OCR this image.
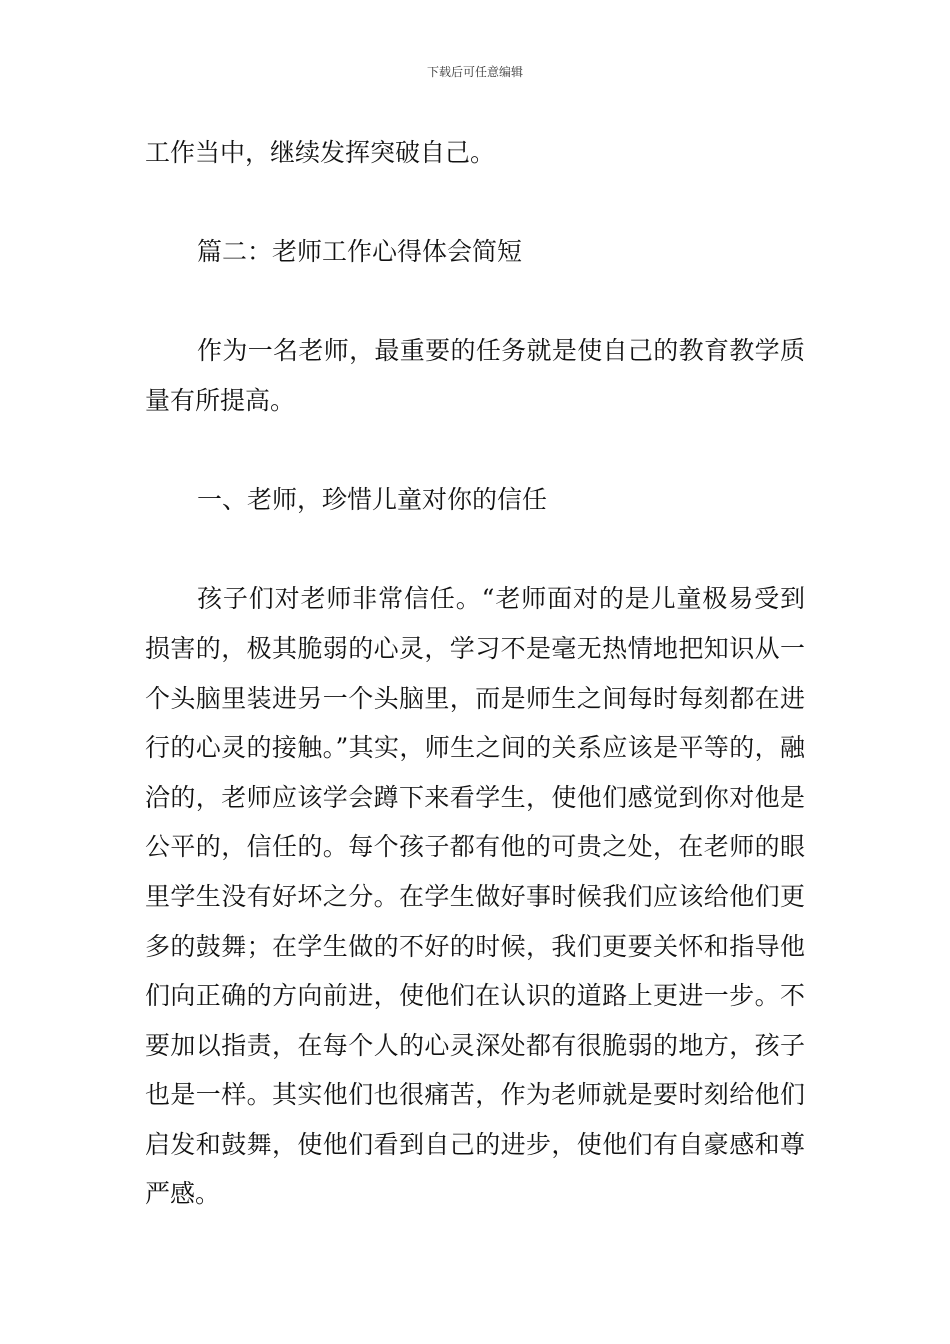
下载后可任意编辑

工作当中，继续发挥突破自己。

篇二：老师工作心得体会简短

作为一名老师，最重要的任务就是使自己的教育教学质量有所提高。

一、老师，珍惜儿童对你的信任

孩子们对老师非常信任。“老师面对的是儿童极易受到损害的，极其脆弱的心灵，学习不是毫无热情地把知识从一个头脑里装进另一个头脑里，而是师生之间每时每刻都在进行的心灵的接触。”其实，师生之间的关系应该是平等的，融洽的，老师应该学会蹲下来看学生，使他们感觉到你对他是公平的，信任的。每个孩子都有他的可贵之处，在老师的眼里学生没有好坏之分。在学生做好事时候我们应该给他们更多的鼓舞；在学生做的不好的时候，我们更要关怀和指导他们向正确的方向前进，使他们在认识的道路上更进一步。不要加以指责，在每个人的心灵深处都有很脆弱的地方，孩子也是一样。其实他们也很痛苦，作为老师就是要时刻给他们启发和鼓舞，使他们看到自己的进步，使他们有自豪感和尊严感。
